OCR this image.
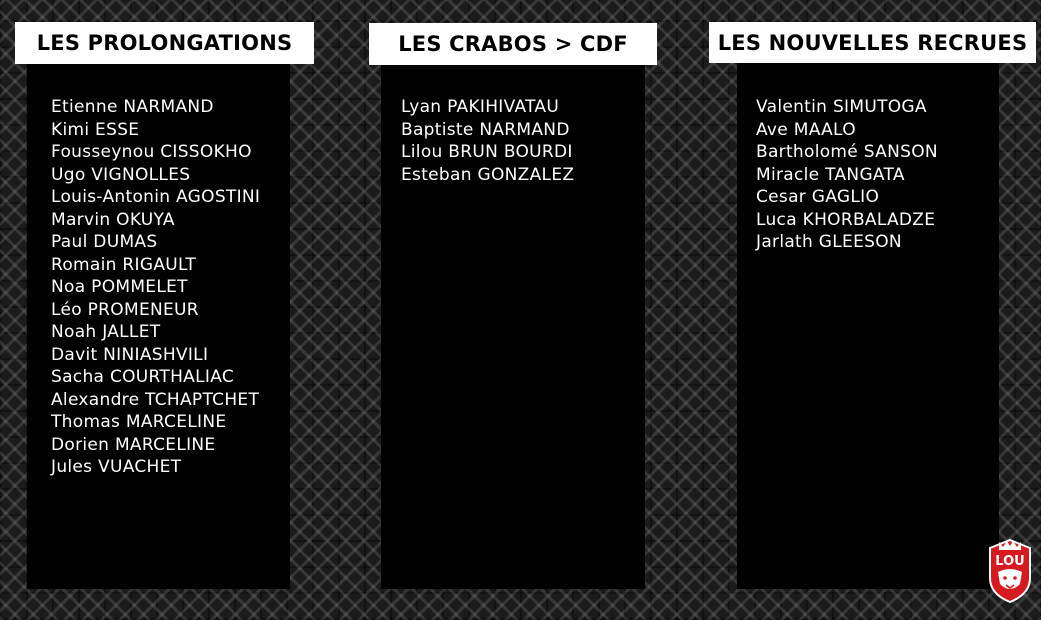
LES PROLONGATIONS
Etienne NARMAND
Kimi ESSE
Fousseynou CISSOKHO
Ugo VIGNOLLES
Louis-Antonin AGOSTINI
Marvin OKUYA
Paul DUMAS
Romain RIGAULT
Noa POMMELET
Léo PROMENEUR
Noah JALLET
Davit NINIASHVILI
Sacha COURTHALIAC
Alexandre TCHAPTCHET
Thomas MARCELINE
Dorien MARCELINE
Jules VUACHET
LES CRABOS > CDF
Lyan PAKIHIVATAU
Baptiste NARMAND
Lilou BRUN BOURDI
Esteban GONZALEZ
LES NOUVELLES RECRUES
Valentin SIMUTOGA
Ave MAALO
Bartholomé SANSON
Miracle TANGATA
Cesar GAGLIO
Luca KHORBALADZE
Jarlath GLEESON
LOU
